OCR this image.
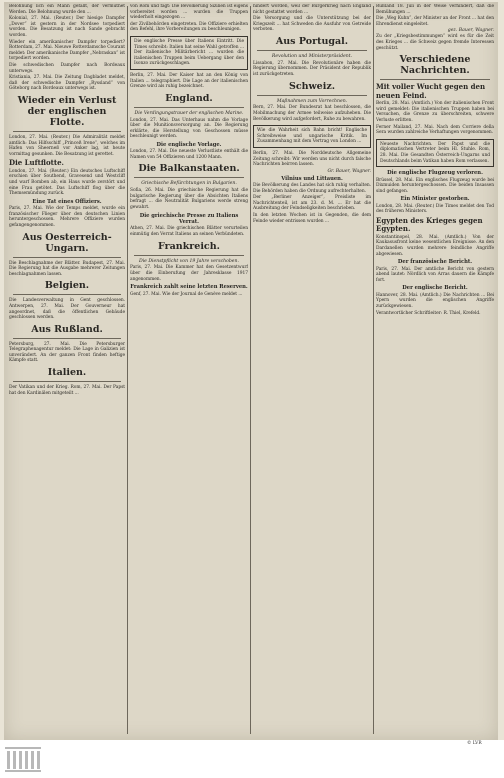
Belohnung lich ein Mann gefällt, der vermuthet Werden. Die Belohnung wurde den ...
Kolonial, 27. Mai. (Reuter.) Der hiesige Dampfer „Dover“ ist gestern in der Nordsee torpediert worden. Die Besatzung ist nach Sande gebracht worden.
Wieder ein amerikanischer Dampfer torpediert? Rotterdam, 27. Mai. Nieuwe Rotterdamsche Courant meldet: Der amerikanische Dampfer „Nebraskan“ ist torpediert worden.
Die schwedischen Dampfer nach Bordeaux unterwegs.
Kristiania, 27. Mai. Die Zeitung Dagbladet meldet, daß der schwedische Dampfer „Ryssland“ von Göteborg nach Bordeaux unterwegs ist.
Wieder ein Verlust der englischen Flotte.
London, 27. Mai. (Reuter.) Die Admiralität meldet amtlich: Das Hilfsschiff „Princeß Irene“, welches im Hafen von Sheerneß vor Anker lag, ist heute vormittag gesunken. Die Besatzung ist gerettet.
Die Luftflotte.
London, 27. Mai. (Reuter.) Ein deutsches Luftschiff erschien über Southend, Gravesend und Westcliff und warf Bomben ab, ein Haus wurde zerstört und eine Frau getötet. Das Luftschiff flog über die Themsemündung zurück.
Eine Tat eines Offiziers.
Paris, 27. Mai. Wie der Temps meldet, wurde ein französischer Flieger über den deutschen Linien heruntergeschossen. Mehrere Offiziere wurden gefangengenommen.
Aus Oesterreich-Ungarn.
Die Beschlagnahme der Blätter. Budapest, 27. Mai. Die Regierung hat die Ausgabe mehrerer Zeitungen beschlagnahmen lassen.
Belgien.
Die Landesverwaltung in Gent geschlossen. Antwerpen, 27. Mai. Der Gouverneur hat angeordnet, daß die öffentlichen Gebäude geschlossen werden.
Aus Rußland.
Petersburg, 27. Mai. Die Petersburger Telegraphenagentur meldet: Die Lage in Galizien ist unverändert. An der ganzen Front finden heftige Kämpfe statt.
Italien.
Der Vatikan und der Krieg. Rom, 27. Mai. Der Papst hat den Kardinälen mitgeteilt ...
von Rom und fagt: Die Bevölkerung Sizilien ist eigens vorbereitet worden ... wurden die Truppen wiederholt eingezogen ...
der Zivilbehörden eingetreten. Die Offiziere erhielten den Befehl, ihre Vorbereitungen zu beschleunigen.
Die englische Presse über Italiens Eintritt. Die Times schreibt: Italien hat seine Wahl getroffen ... Der italienische Militärbericht ... wurden die italienischen Truppen beim Uebergang über den Isonzo zurückgeschlagen.
Berlin, 27. Mai. Der Kaiser hat an den König von Italien ... telegraphiert. Die Lage an der italienischen Grenze wird als ruhig bezeichnet.
England.
Die Verdingungstrauer der englischen Marine.
London, 27. Mai. Das Unterhaus nahm die Vorlage über die Munitionsversorgung an. Die Regierung erklärte, die Herstellung von Geschossen müsse beschleunigt werden.
Die englische Vorlage.
London, 27. Mai. Die neueste Verlustliste enthält die Namen von 54 Offizieren und 1200 Mann.
Die Balkanstaaten.
Griechische Befürchtungen in Bulgarien.
Sofia, 26. Mai. Die griechische Regierung hat die bulgarische Regierung über die Absichten Italiens befragt ... die Neutralität Bulgariens werde streng gewahrt.
Die griechische Presse zu Italiens Verrat.
Athen, 27. Mai. Die griechischen Blätter verurteilen einmütig den Verrat Italiens an seinen Verbündeten.
Frankreich.
Die Dienstpflicht von 19 Jahre verschoben.
Paris, 27. Mai. Die Kammer hat den Gesetzentwurf über die Einberufung der Jahresklasse 1917 angenommen.
Frankreich zahlt seine letzten Reserven.
Genf, 27. Mai. Wie der Journal de Genève meldet ...
hindert worden, weil der Bürgerkrieg nach England nicht gestattet worden ...
Die Versorgung und die Unterstützung bei der Kriegszeit ... hat Schweden die Ausfuhr von Getreide verboten.
Aus Portugal.
Revolution und Ministerpräsident.
Lissabon, 27. Mai. Die Revolutionäre haben die Regierung übernommen. Der Präsident der Republik ist zurückgetreten.
Schweiz.
Maßnahmen zum Vorrechnen.
Bern, 27. Mai. Der Bundesrat hat beschlossen, die Mobilmachung der Armee teilweise aufzuheben. Die Bevölkerung wird aufgefordert, Ruhe zu bewahren.
Wie die Wahrheit sich Bahn bricht! Englische Schreibweise und ungarische Kritik. Im Zusammenhang mit dem Vertrag von London ...
Berlin, 27. Mai. Die Norddeutsche Allgemeine Zeitung schreibt: Wir werden uns nicht durch falsche Nachrichten beirren lassen.
Gr. Bauer, Wagner.
Vilnius und Littauen.
Die Bevölkerung des Landes hat sich ruhig verhalten. Die Behörden haben die Ordnung aufrechterhalten.
Der „Berliner Anzeiger“, Preisliste im Nachrichtenteil, ist am 23. d. M. ... Er hat die Ausbreitung der Feindseligkeiten beschrieben.
In den letzten Wochen ist in Gegenden, die dem Feinde wieder entrissen wurden ...
Rußland 18. Juli in der Weise verhindert, daß die Bemühungen ...
Die „Weg Kuhn“, der Minister an der Front ... hat den Ehrendienst eingeleitet.
gez. Bauer, Wagner.
Zu der „Kriegsbestimmungen“ wird es für die Zeit des Krieges ... die Schweiz gegen fremde Interessen geschützt.
Verschiedene Nachrichten.
Mit voller Wucht gegen den neuen Feind.
Berlin, 28. Mai. (Amtlich.) Von der italienischen Front wird gemeldet: Die italienischen Truppen haben bei Versuchen, die Grenze zu überschreiten, schwere Verluste erlitten.
Ferner Mailand, 27. Mai. Nach dem Corriere della Sera wurden zahlreiche Verhaftungen vorgenommen.
Neueste Nachrichten. Der Papst und die diplomatischen Vertreter beim Hl. Stuhle. Rom, 28. Mai. Die Gesandten Österreich-Ungarns und Deutschlands beim Vatikan haben Rom verlassen.
Die englische Flugzeug verloren.
Brüssel, 28. Mai. Ein englisches Flugzeug wurde bei Dixmuiden heruntergeschossen. Die beiden Insassen sind gefangen.
Ein Minister gestorben.
London, 28. Mai. (Reuter.) Die Times meldet den Tod des früheren Ministers.
Egypten des Krieges gegen Egypten.
Konstantinopel, 28. Mai. (Amtlich.) Von der Kaukasusfront keine wesentlichen Ereignisse. An den Dardanellen wurden mehrere feindliche Angriffe abgewiesen.
Der französische Bericht.
Paris, 27. Mai. Der amtliche Bericht von gestern abend lautet: Nördlich von Arras dauern die Kämpfe fort.
Der englische Bericht.
Hannover, 28. Mai. (Amtlich.) Die Nachrichten ... Bei Ypern wurden die englischen Angriffe zurückgewiesen.
Verantwortlicher Schriftleiter: R. Thiel, Krefeld.
© LVR
